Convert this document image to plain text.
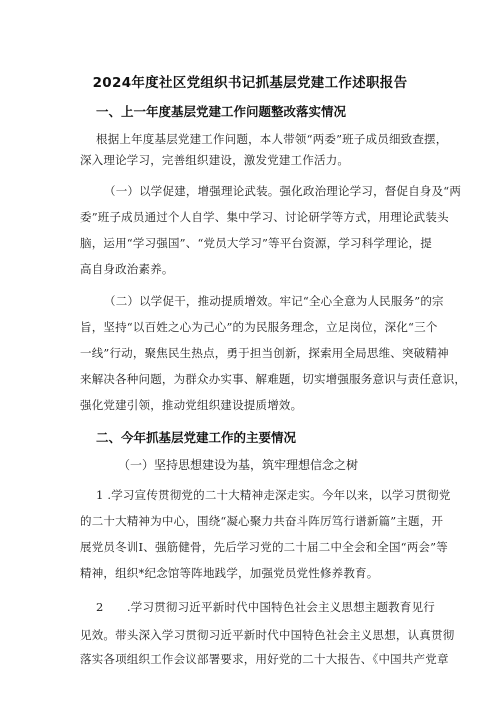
2024年度社区党组织书记抓基层党建工作述职报告
一、上一年度基层党建工作问题整改落实情况
根据上年度基层党建工作问题，本人带领“两委”班子成员细致查摆，
深入理论学习，完善组织建设，激发党建工作活力。
（一）以学促建，增强理论武装。强化政治理论学习，督促自身及“两
委”班子成员通过个人自学、集中学习、讨论研学等方式，用理论武装头
脑，运用“学习强国”、“党员大学习”等平台资源，学习科学理论，提
高自身政治素养。
（二）以学促干，推动提质增效。牢记“全心全意为人民服务”的宗
旨，坚持“以百姓之心为己心”的为民服务理念，立足岗位，深化“三个
一线”行动，聚焦民生热点，勇于担当创新，探索用全局思维、突破精神
来解决各种问题，为群众办实事、解难题，切实增强服务意识与责任意识，
强化党建引领，推动党组织建设提质增效。
二、今年抓基层党建工作的主要情况
（一）坚持思想建设为基，筑牢理想信念之树
1 .学习宣传贯彻党的二十大精神走深走实。今年以来，以学习贯彻党
的二十大精神为中心，围绕“凝心聚力共奋斗阵厉笃行谱新篇”主题，开
展党员冬训I、强筋健骨，先后学习党的二十届二中全会和全国“两会”等
精神，组织*纪念馆等阵地践学，加强党员党性修养教育。
2　　.学习贯彻习近平新时代中国特色社会主义思想主题教育见行
见效。带头深入学习贯彻习近平新时代中国特色社会主义思想，认真贯彻
落实各项组织工作会议部署要求，用好党的二十大报告、《中国共产党章
